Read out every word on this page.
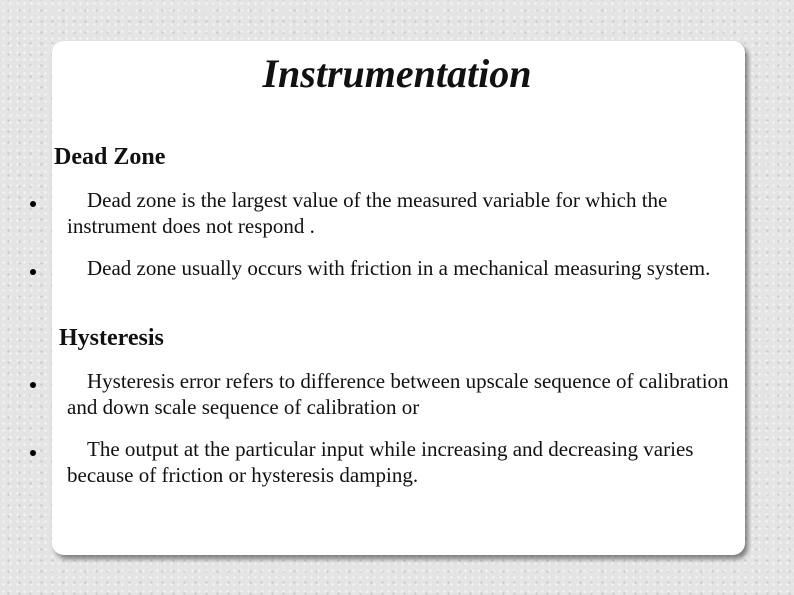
Instrumentation
Dead Zone
Dead zone is the largest value of the measured variable for which the instrument does not respond .
Dead zone usually occurs with friction in a mechanical measuring system.
Hysteresis
Hysteresis error refers to difference between upscale sequence of calibration and down scale sequence of calibration or
The output at the particular input while increasing and decreasing varies because of friction or hysteresis damping.
